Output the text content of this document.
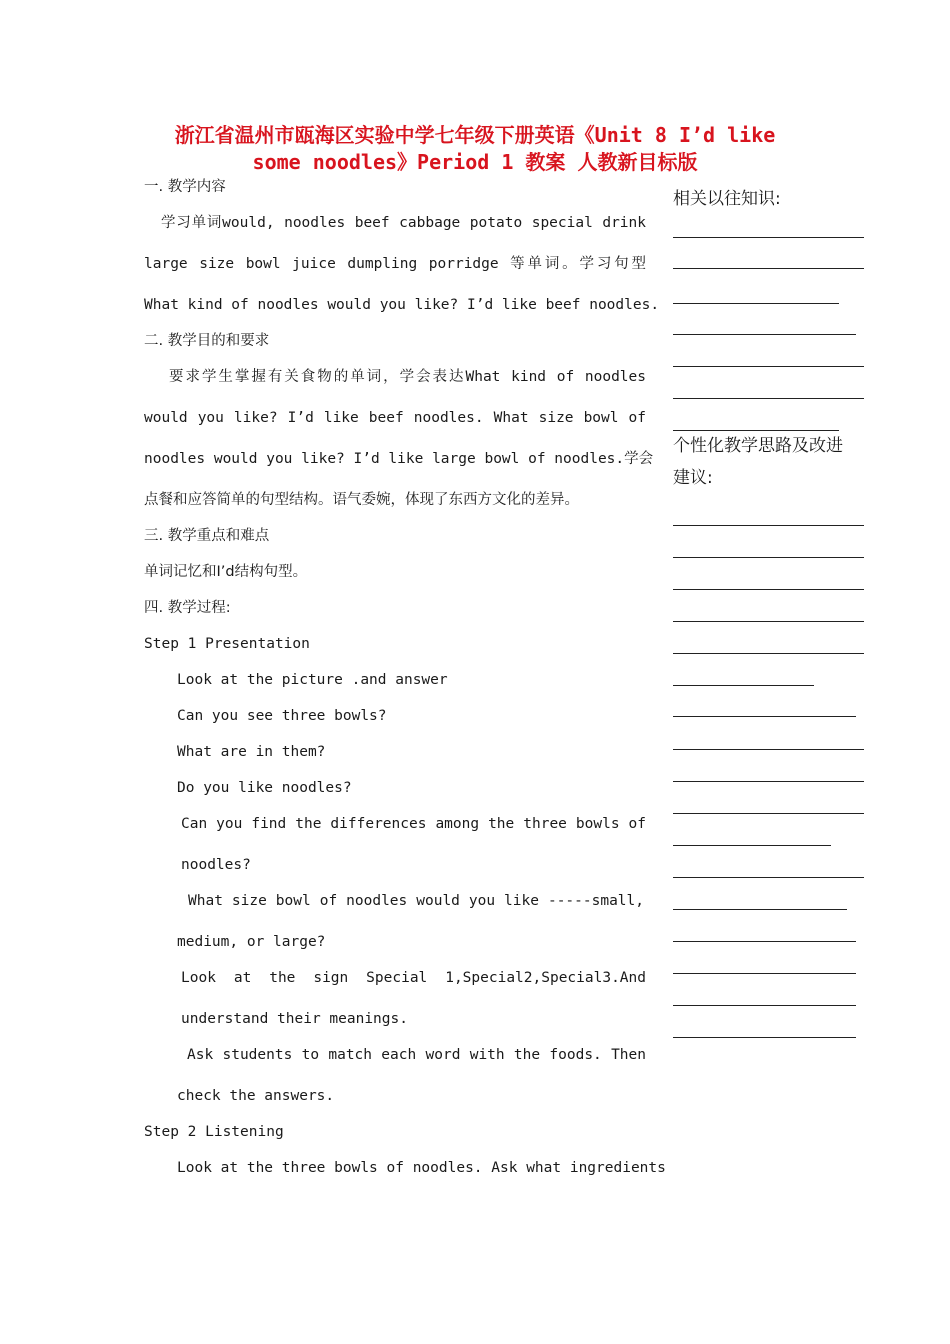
浙江省温州市瓯海区实验中学七年级下册英语《Unit 8 I’d like
some noodles》Period 1 教案 人教新目标版
一. 教学内容
学习单词would, noodles beef cabbage potato special drink
large size bowl juice dumpling porridge 等单词。学习句型
What kind of noodles would you like? I’d like beef noodles.
二. 教学目的和要求
要求学生掌握有关食物的单词，学会表达What kind of noodles
would you like? I’d like beef noodles. What size bowl of
noodles would you like? I’d like large bowl of noodles.学会
点餐和应答简单的句型结构。语气委婉，体现了东西方文化的差异。
三. 教学重点和难点
单词记忆和I’d结构句型。
四. 教学过程:
Step 1 Presentation
Look at the picture .and answer
Can you see three bowls?
What are in them?
Do you like noodles?
Can you find the differences among the three bowls of
noodles?
What size bowl of noodles would you like -----small,
medium, or large?
Look at the sign Special 1,Special2,Special3.And
understand their meanings.
Ask students to match each word with the foods. Then
check the answers.
Step 2 Listening
Look at the three bowls of noodles. Ask what ingredients
相关以往知识:
个性化教学思路及改进
建议:
